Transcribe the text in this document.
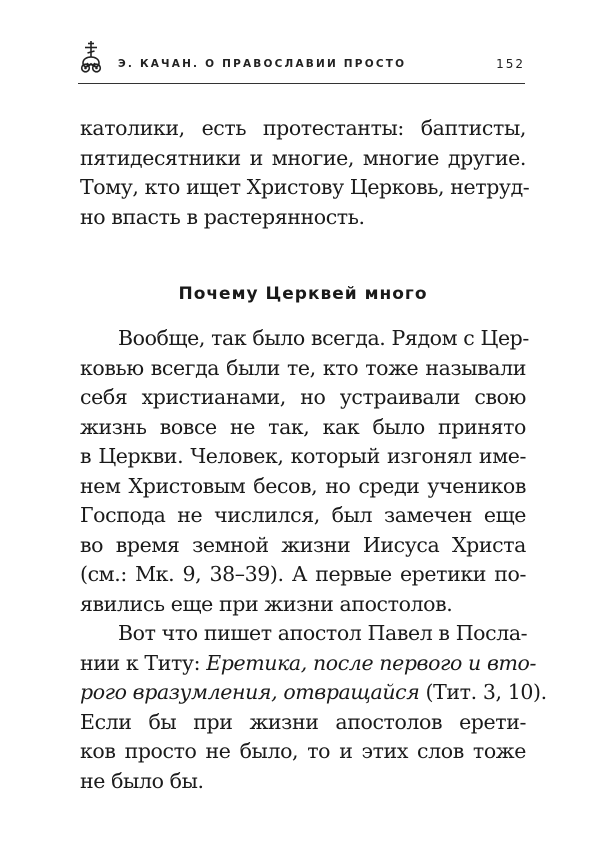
Э. КАЧАН. О ПРАВОСЛАВИИ ПРОСТО	152

католики, есть протестанты: баптисты,
пятидесятники и многие, многие другие.
Тому, кто ищет Христову Церковь, нетруд-
но впасть в растерянность.

Почему Церквей много

Вообще, так было всегда. Рядом с Цер-
ковью всегда были те, кто тоже называли
себя христианами, но устраивали свою
жизнь вовсе не так, как было принято
в Церкви. Человек, который изгонял име-
нем Христовым бесов, но среди учеников
Господа не числился, был замечен еще
во время земной жизни Иисуса Христа
(см.: Мк. 9, 38–39). А первые еретики по-
явились еще при жизни апостолов.

Вот что пишет апостол Павел в Посла-
нии к Титу: Еретика, после первого и вто-
рого вразумления, отвращайся (Тит. 3, 10).
Если бы при жизни апостолов ерети-
ков просто не было, то и этих слов тоже
не было бы.
